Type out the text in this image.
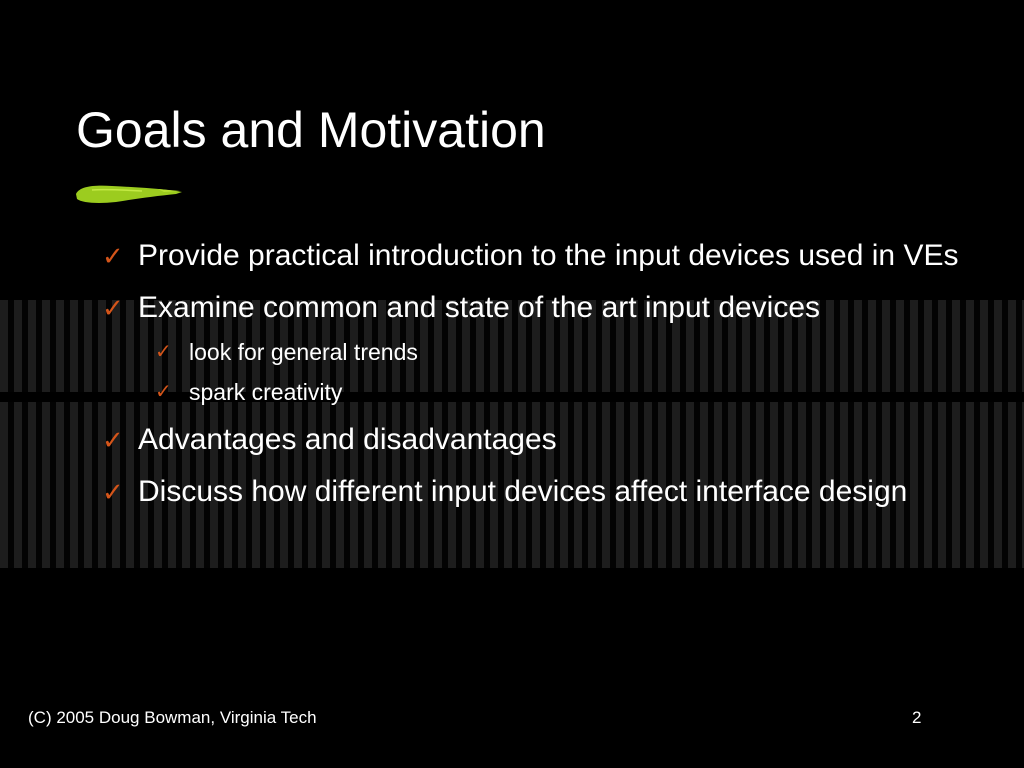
Goals and Motivation
✓ Provide practical introduction to the input devices used in VEs
✓ Examine common and state of the art input devices
✓ look for general trends
✓ spark creativity
✓ Advantages and disadvantages
✓ Discuss how different input devices affect interface design
(C) 2005 Doug Bowman, Virginia Tech	2
